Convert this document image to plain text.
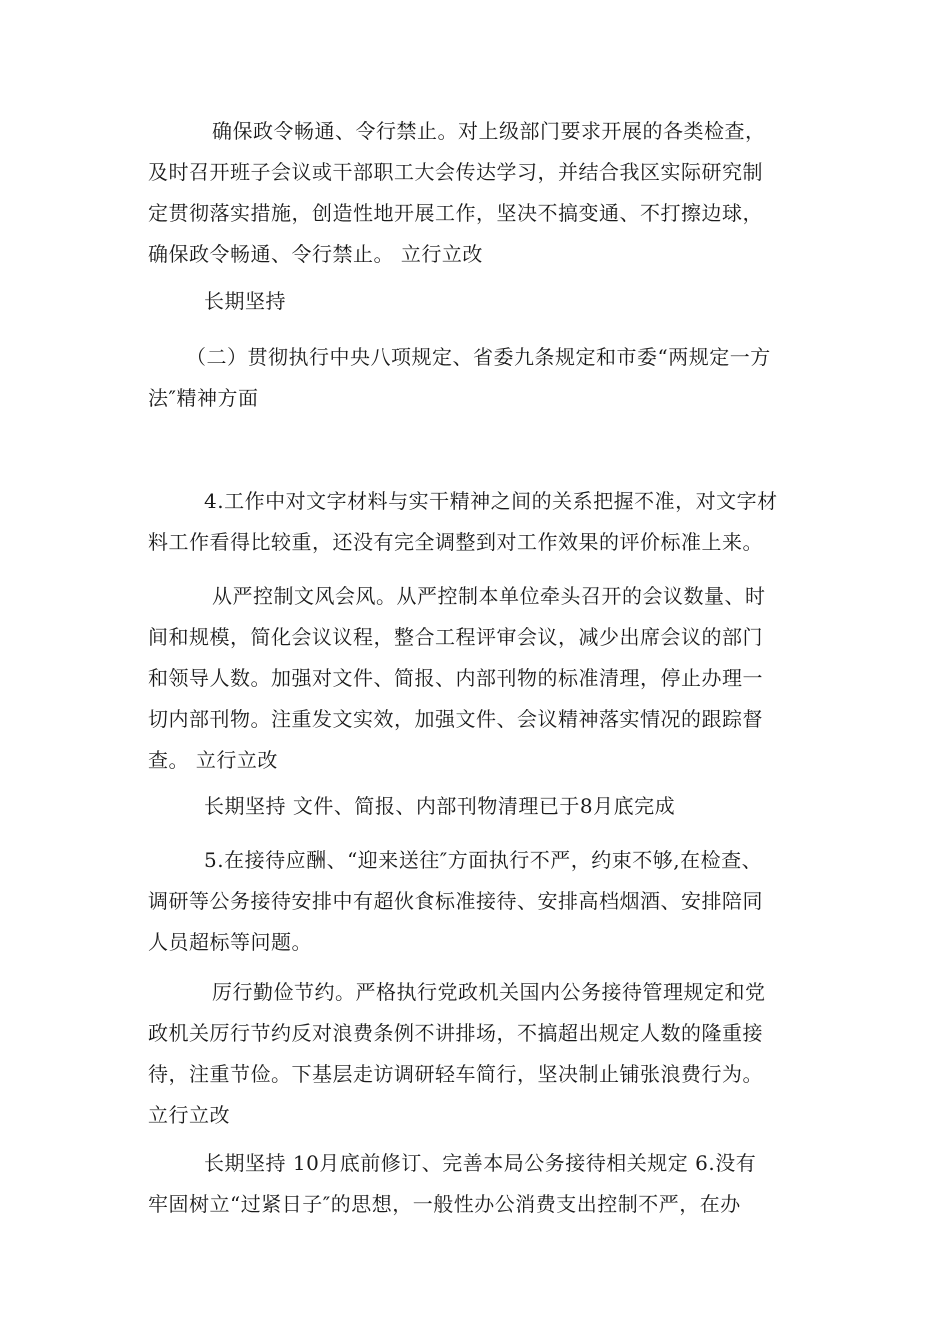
确保政令畅通、令行禁止。对上级部门要求开展的各类检查，
及时召开班子会议或干部职工大会传达学习，并结合我区实际研究制
定贯彻落实措施，创造性地开展工作，坚决不搞变通、不打擦边球，
确保政令畅通、令行禁止。 立行立改

长期坚持

（二）贯彻执行中央八项规定、省委九条规定和市委“两规定一方
法″精神方面

4.工作中对文字材料与实干精神之间的关系把握不准，对文字材
料工作看得比较重，还没有完全调整到对工作效果的评价标准上来。

从严控制文风会风。从严控制本单位牵头召开的会议数量、时
间和规模，简化会议议程，整合工程评审会议，减少出席会议的部门
和领导人数。加强对文件、简报、内部刊物的标准清理，停止办理一
切内部刊物。注重发文实效，加强文件、会议精神落实情况的跟踪督
查。 立行立改

长期坚持 文件、简报、内部刊物清理已于8月底完成

5.在接待应酬、“迎来送往″方面执行不严，约束不够,在检查、
调研等公务接待安排中有超伙食标准接待、安排高档烟酒、安排陪同
人员超标等问题。

厉行勤俭节约。严格执行党政机关国内公务接待管理规定和党
政机关厉行节约反对浪费条例不讲排场，不搞超出规定人数的隆重接
待，注重节俭。下基层走访调研轻车简行，坚决制止铺张浪费行为。
立行立改

长期坚持 10月底前修订、完善本局公务接待相关规定 6.没有
牢固树立“过紧日子″的思想，一般性办公消费支出控制不严，在办
